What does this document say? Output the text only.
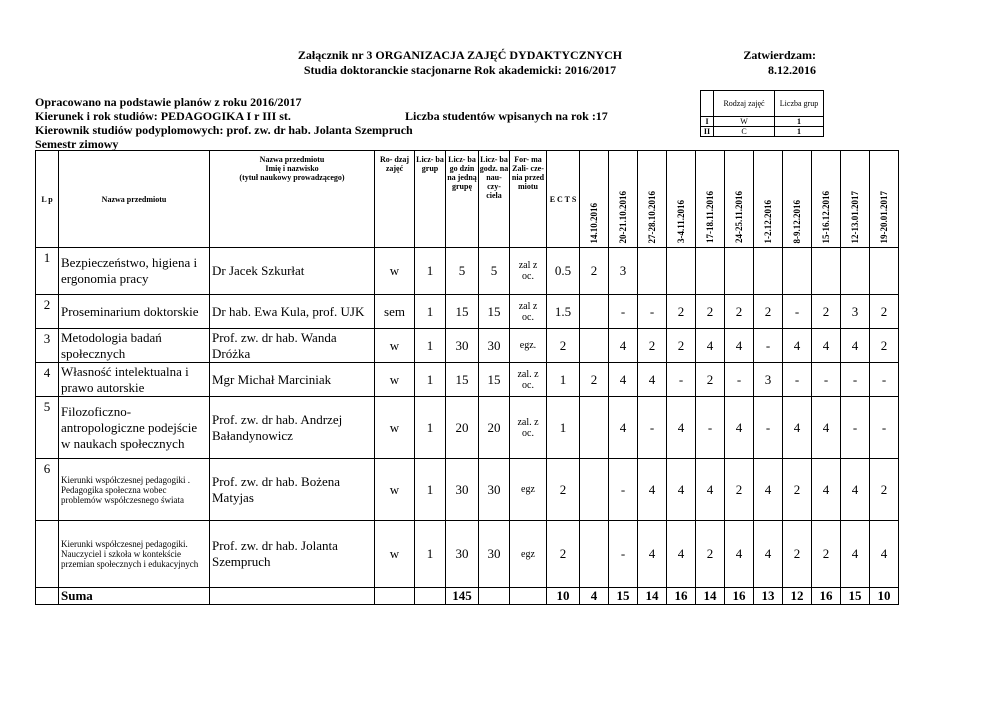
Załącznik nr 3 ORGANIZACJA ZAJĘĆ DYDAKTYCZNYCH
Studia doktoranckie stacjonarne Rok akademicki: 2016/2017
Zatwierdzam:
8.12.2016
Opracowano na podstawie planów z roku 2016/2017
Kierunek i rok studiów: PEDAGOGIKA I r III st.
Kierownik studiów podyplomowych: prof. zw. dr hab. Jolanta Szempruch
Semestr zimowy
Liczba studentów wpisanych na rok :17
	Rodzaj zajęć	Liczba grup
I	W	1
II	C	1
L p	Nazwa przedmiotu	Nazwa przedmiotu
Imię i nazwisko
(tytuł naukowy prowadzącego)	Ro- dzaj zajęć	Licz- ba grup	Licz- ba go dzin na jedną grupę	Licz- ba godz. na nau- czy- ciela	For- ma Zali- cze- nia przed miotu	E C T S	14.10.2016	20-21.10.2016	27-28.10.2016	3-4.11.2016	17-18.11.2016	24-25.11.2016	1-2.12.2016	8-9.12.2016	15-16.12.2016	12-13.01.2017	19-20.01.2017
1	Bezpieczeństwo, higiena i ergonomia pracy	Dr Jacek Szkurłat	w	1	5	5	zal z oc.	0.5	2	3									
2	Proseminarium doktorskie	Dr hab. Ewa Kula, prof. UJK	sem	1	15	15	zal z oc.	1.5		-	-	2	2	2	2	-	2	3	2
3	Metodologia badań społecznych	Prof. zw. dr hab. Wanda Dróżka	w	1	30	30	egz.	2		4	2	2	4	4	-	4	4	4	2
4	Własność intelektualna i prawo autorskie	Mgr Michał Marciniak	w	1	15	15	zal. z oc.	1	2	4	4	-	2	-	3	-	-	-	-
5	Filozoficzno-antropologiczne podejście w naukach społecznych	Prof. zw. dr hab. Andrzej Bałandynowicz	w	1	20	20	zal. z oc.	1		4	-	4	-	4	-	4	4	-	-
6	Kierunki współczesnej pedagogiki . Pedagogika społeczna wobec problemów współczesnego świata	Prof. zw. dr hab. Bożena Matyjas	w	1	30	30	egz	2		-	4	4	4	2	4	2	4	4	2
	Kierunki współczesnej pedagogiki. Nauczyciel i szkoła w kontekście przemian społecznych i edukacyjnych	Prof. zw. dr hab. Jolanta Szempruch	w	1	30	30	egz	2		-	4	4	2	4	4	2	2	4	4
	Suma				145			10	4	15	14	16	14	16	13	12	16	15	10
